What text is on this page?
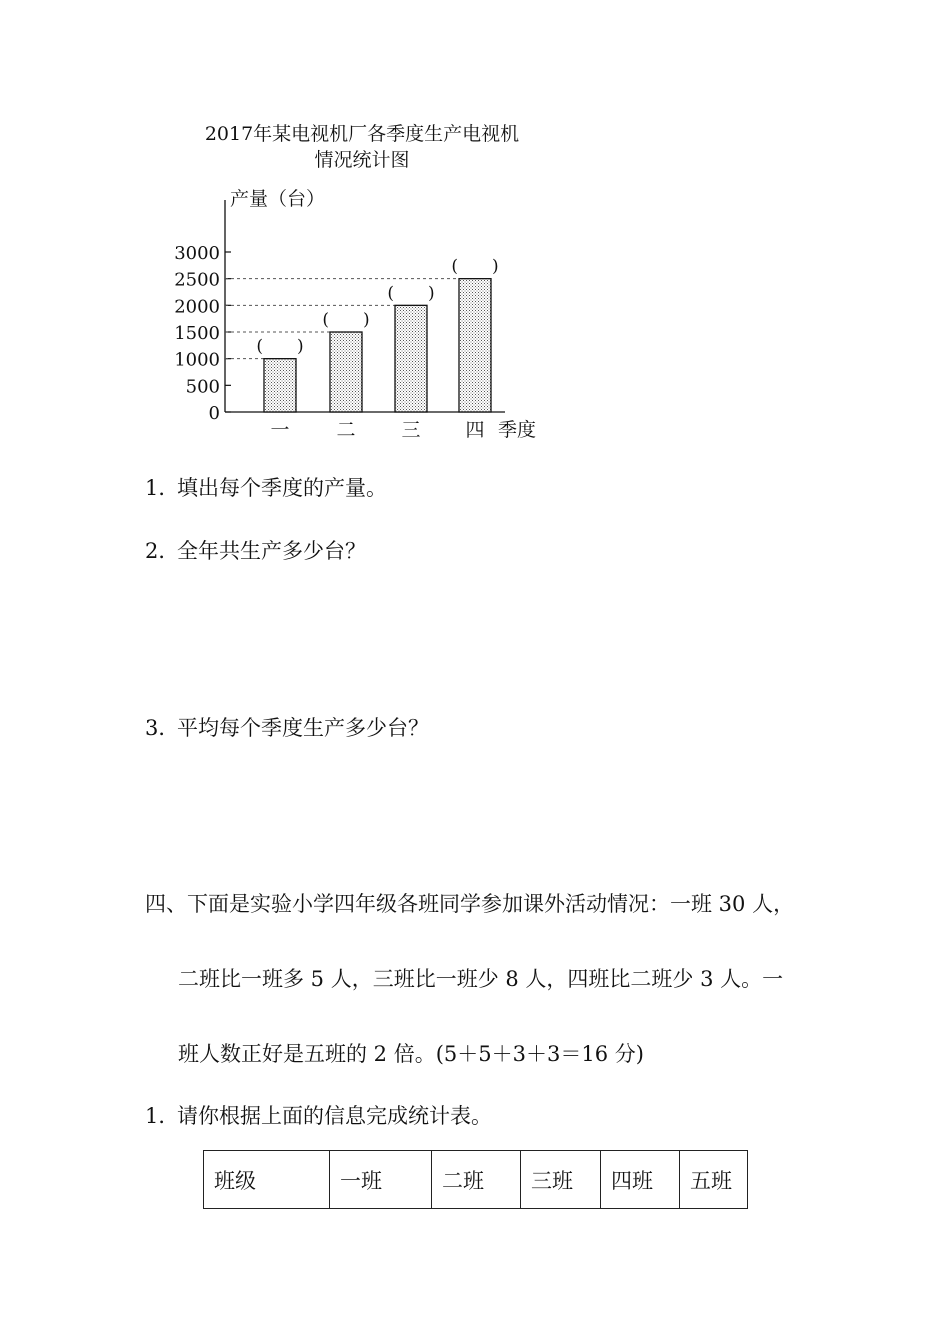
2017年某电视机厂各季度生产电视机
情况统计图
产量（台）
0
500
1000
1500
2000
2500
3000
(　　)
(　　)
(　　)
(　　)
一 二 三 四 季度
1．填出每个季度的产量。
2．全年共生产多少台？
3．平均每个季度生产多少台？
四、下面是实验小学四年级各班同学参加课外活动情况：一班 30 人，
二班比一班多 5 人，三班比一班少 8 人，四班比二班少 3 人。一
班人数正好是五班的 2 倍。(5＋5＋3＋3＝16 分)
1．请你根据上面的信息完成统计表。
班级	一班	二班	三班	四班	五班
